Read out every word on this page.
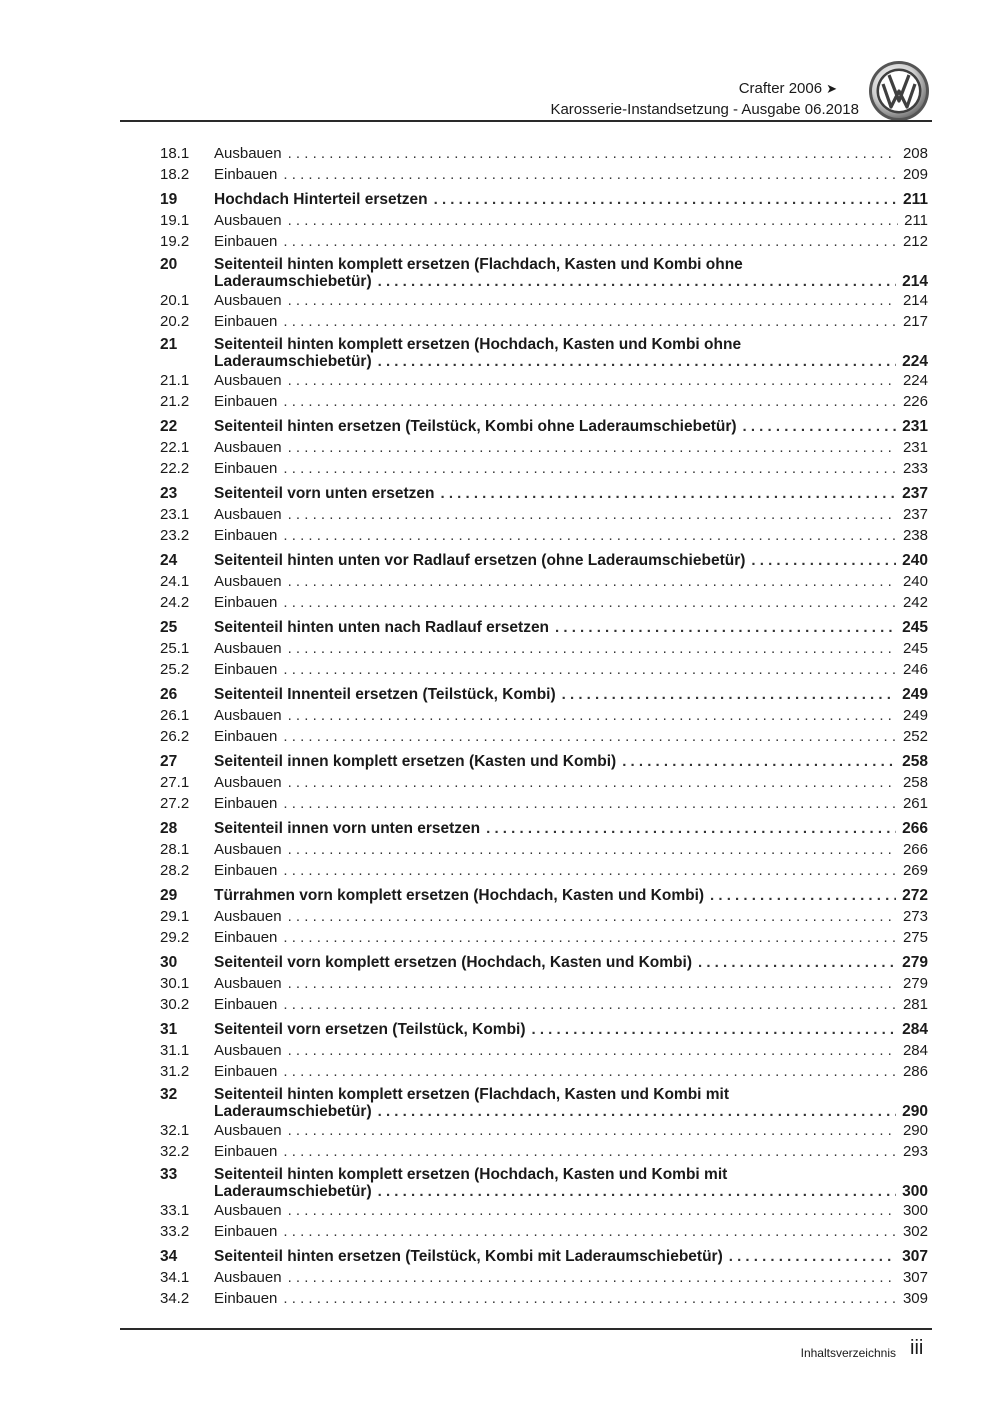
Crafter 2006 ➤
Karosserie-Instandsetzung - Ausgabe 06.2018
18.1	Ausbauen . . .	208
18.2	Einbauen . . .	209
19	Hochdach Hinterteil ersetzen . . .	211
19.1	Ausbauen . . .	211
19.2	Einbauen . . .	212
20	Seitenteil hinten komplett ersetzen (Flachdach, Kasten und Kombi ohne
Laderaumschiebetür) . . .	214
20.1	Ausbauen . . .	214
20.2	Einbauen . . .	217
21	Seitenteil hinten komplett ersetzen (Hochdach, Kasten und Kombi ohne
Laderaumschiebetür) . . .	224
21.1	Ausbauen . . .	224
21.2	Einbauen . . .	226
22	Seitenteil hinten ersetzen (Teilstück, Kombi ohne Laderaumschiebetür) . . .	231
22.1	Ausbauen . . .	231
22.2	Einbauen . . .	233
23	Seitenteil vorn unten ersetzen . . .	237
23.1	Ausbauen . . .	237
23.2	Einbauen . . .	238
24	Seitenteil hinten unten vor Radlauf ersetzen (ohne Laderaumschiebetür) . . .	240
24.1	Ausbauen . . .	240
24.2	Einbauen . . .	242
25	Seitenteil hinten unten nach Radlauf ersetzen . . .	245
25.1	Ausbauen . . .	245
25.2	Einbauen . . .	246
26	Seitenteil Innenteil ersetzen (Teilstück, Kombi) . . .	249
26.1	Ausbauen . . .	249
26.2	Einbauen . . .	252
27	Seitenteil innen komplett ersetzen (Kasten und Kombi) . . .	258
27.1	Ausbauen . . .	258
27.2	Einbauen . . .	261
28	Seitenteil innen vorn unten ersetzen . . .	266
28.1	Ausbauen . . .	266
28.2	Einbauen . . .	269
29	Türrahmen vorn komplett ersetzen (Hochdach, Kasten und Kombi) . . .	272
29.1	Ausbauen . . .	273
29.2	Einbauen . . .	275
30	Seitenteil vorn komplett ersetzen (Hochdach, Kasten und Kombi) . . .	279
30.1	Ausbauen . . .	279
30.2	Einbauen . . .	281
31	Seitenteil vorn ersetzen (Teilstück, Kombi) . . .	284
31.1	Ausbauen . . .	284
31.2	Einbauen . . .	286
32	Seitenteil hinten komplett ersetzen (Flachdach, Kasten und Kombi mit
Laderaumschiebetür) . . .	290
32.1	Ausbauen . . .	290
32.2	Einbauen . . .	293
33	Seitenteil hinten komplett ersetzen (Hochdach, Kasten und Kombi mit
Laderaumschiebetür) . . .	300
33.1	Ausbauen . . .	300
33.2	Einbauen . . .	302
34	Seitenteil hinten ersetzen (Teilstück, Kombi mit Laderaumschiebetür) . . .	307
34.1	Ausbauen . . .	307
34.2	Einbauen . . .	309
Inhaltsverzeichnis iii
